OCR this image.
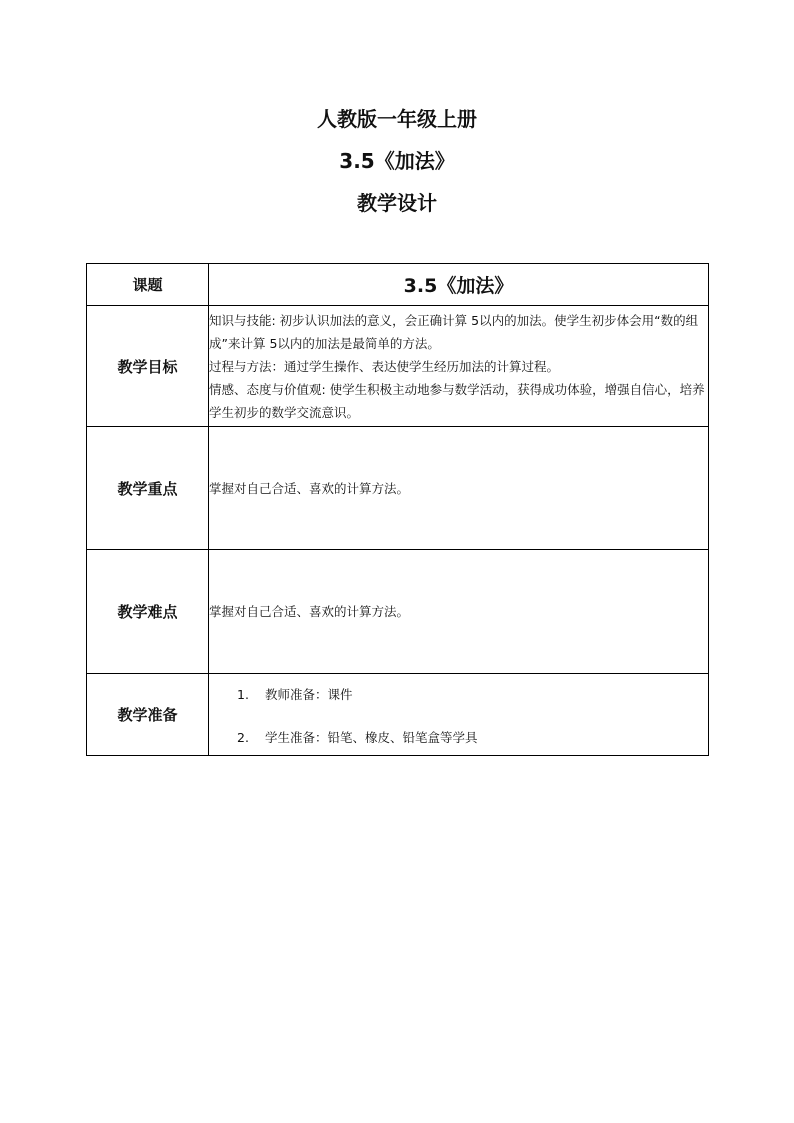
人教版一年级上册
3.5《加法》
教学设计
课题	3.5《加法》
教学目标	知识与技能: 初步认识加法的意义，会正确计算 5以内的加法。使学生初步体会用“数的组成”来计算 5以内的加法是最简单的方法。

过程与方法：通过学生操作、表达使学生经历加法的计算过程。

情感、态度与价值观: 使学生积极主动地参与数学活动，获得成功体验，增强自信心，培养学生初步的数学交流意识。

教学重点	掌握对自己合适、喜欢的计算方法。
教学难点	掌握对自己合适、喜欢的计算方法。
教学准备	1. 教师准备：课件
2. 学生准备：铅笔、橡皮、铅笔盒等学具
